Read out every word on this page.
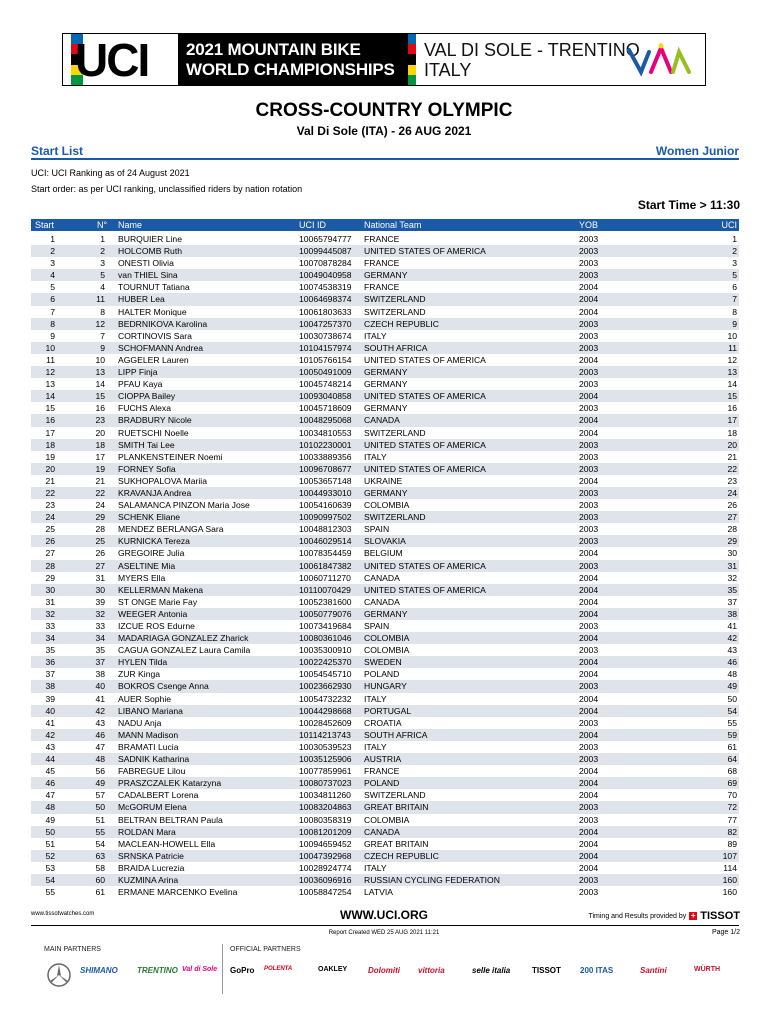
UCI 2021 MOUNTAIN BIKE
WORLD CHAMPIONSHIPS
VAL DI SOLE - TRENTINO
ITALY
CROSS-COUNTRY OLYMPIC
Val Di Sole (ITA) - 26 AUG 2021
Start List	Women Junior
UCI: UCI Ranking as of 24 August 2021
Start order: as per UCI ranking, unclassified riders by nation rotation
Start Time > 11:30
Start	N° Name	UCI ID	National Team	YOB	UCI
1	1 BURQUIER Line	10065794777 FRANCE	2003	1
2	2 HOLCOMB Ruth	10099445087 UNITED STATES OF AMERICA	2003	2
3	3 ONESTI Olivia	10070878284 FRANCE	2003	3
4	5 van THIEL Sina	10049040958 GERMANY	2003	5
5	4 TOURNUT Tatiana	10074538319 FRANCE	2004	6
6	11 HUBER Lea	10064698374 SWITZERLAND	2004	7
7	8 HALTER Monique	10061803633 SWITZERLAND	2004	8
8	12 BEDRNIKOVA Karolina	10047257370 CZECH REPUBLIC	2003	9
9	7 CORTINOVIS Sara	10030738674 ITALY	2003	10
10	9 SCHOFMANN Andrea	10104157974 SOUTH AFRICA	2003	11
11	10 AGGELER Lauren	10105766154 UNITED STATES OF AMERICA	2004	12
12	13 LIPP Finja	10050491009 GERMANY	2003	13
13	14 PFAU Kaya	10045748214 GERMANY	2003	14
14	15 CIOPPA Bailey	10093040858 UNITED STATES OF AMERICA	2004	15
15	16 FUCHS Alexa	10045718609 GERMANY	2003	16
16	23 BRADBURY Nicole	10048295068 CANADA	2004	17
17	20 RUETSCHI Noelle	10034810553 SWITZERLAND	2004	18
18	18 SMITH Tai Lee	10102230001 UNITED STATES OF AMERICA	2003	20
19	17 PLANKENSTEINER Noemi	10033889356 ITALY	2003	21
20	19 FORNEY Sofia	10096708677 UNITED STATES OF AMERICA	2003	22
21	21 SUKHOPALOVA Mariia	10053657148 UKRAINE	2004	23
22	22 KRAVANJA Andrea	10044933010 GERMANY	2003	24
23	24 SALAMANCA PINZON Maria Jose	10054160639 COLOMBIA	2003	26
24	29 SCHENK Eliane	10090997502 SWITZERLAND	2003	27
25	28 MENDEZ BERLANGA Sara	10048812303 SPAIN	2003	28
26	25 KURNICKA Tereza	10046029514 SLOVAKIA	2003	29
27	26 GREGOIRE Julia	10078354459 BELGIUM	2004	30
28	27 ASELTINE Mia	10061847382 UNITED STATES OF AMERICA	2003	31
29	31 MYERS Ella	10060711270 CANADA	2004	32
30	30 KELLERMAN Makena	10110070429 UNITED STATES OF AMERICA	2004	35
31	39 ST ONGE Marie Fay	10052381600 CANADA	2004	37
32	32 WEEGER Antonia	10050779076 GERMANY	2004	38
33	33 IZCUE ROS Edurne	10073419684 SPAIN	2003	41
34	34 MADARIAGA GONZALEZ Zharick	10080361046 COLOMBIA	2004	42
35	35 CAGUA GONZALEZ Laura Camila	10035300910 COLOMBIA	2003	43
36	37 HYLEN Tilda	10022425370 SWEDEN	2004	46
37	38 ZUR Kinga	10054545710 POLAND	2004	48
38	40 BOKROS Csenge Anna	10023662930 HUNGARY	2003	49
39	41 AUER Sophie	10054732232 ITALY	2004	50
40	42 LIBANO Mariana	10044298668 PORTUGAL	2004	54
41	43 NADU Anja	10028452609 CROATIA	2003	55
42	46 MANN Madison	10114213743 SOUTH AFRICA	2004	59
43	47 BRAMATI Lucia	10030539523 ITALY	2003	61
44	48 SADNIK Katharina	10035125906 AUSTRIA	2003	64
45	56 FABREGUE Lilou	10077859961 FRANCE	2004	68
46	49 PRASZCZALEK Katarzyna	10080737023 POLAND	2004	69
47	57 CADALBERT Lorena	10034811260 SWITZERLAND	2004	70
48	50 McGORUM Elena	10083204863 GREAT BRITAIN	2003	72
49	51 BELTRAN BELTRAN Paula	10080358319 COLOMBIA	2003	77
50	55 ROLDAN Mara	10081201209 CANADA	2004	82
51	54 MACLEAN-HOWELL Ella	10094659452 GREAT BRITAIN	2004	89
52	63 SRNSKA Patricie	10047392968 CZECH REPUBLIC	2004	107
53	58 BRAIDA Lucrezia	10028924774 ITALY	2004	114
54	60 KUZMINA Arina	10036096916 RUSSIAN CYCLING FEDERATION	2003	160
55	61 ERMANE MARCENKO Evelina	10058847254 LATVIA	2003	160
www.tissotwatches.com	WWW.UCI.ORG	Timing and Results provided by + TISSOT
Report Created WED 25 AUG 2021 11:21	Page 1/2
MAIN PARTNERS	OFFICIAL PARTNERS
SHIMANO TRENTINO Val di Sole GoPro POLENTA	OAKLEY	Dolomiti vittoria	selle italia	TISSOT 200 ITAS	Santini	WÜRTH
